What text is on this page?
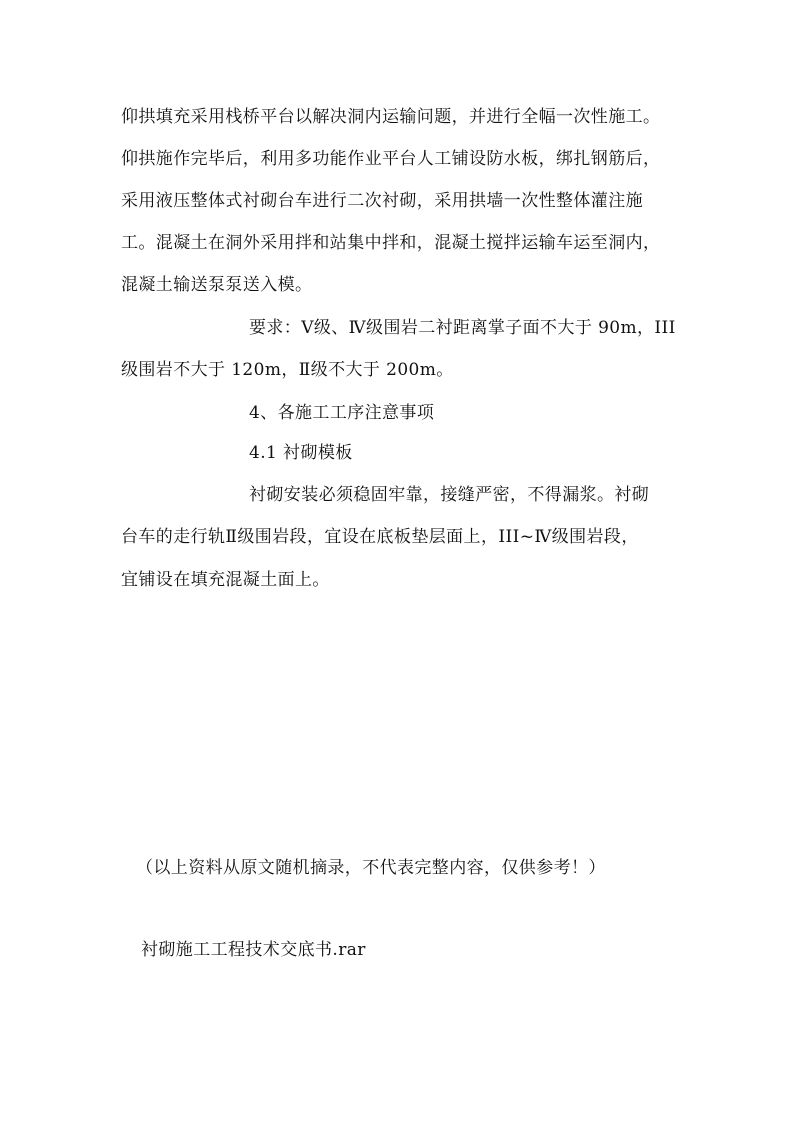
仰拱填充采用栈桥平台以解决洞内运输问题，并进行全幅一次性施工。
仰拱施作完毕后，利用多功能作业平台人工铺设防水板，绑扎钢筋后，
采用液压整体式衬砌台车进行二次衬砌，采用拱墙一次性整体灌注施
工。混凝土在洞外采用拌和站集中拌和，混凝土搅拌运输车运至洞内，
混凝土输送泵泵送入模。
要求：Ⅴ级、Ⅳ级围岩二衬距离掌子面不大于 90m，III
级围岩不大于 120m，Ⅱ级不大于 200m。
4、各施工工序注意事项
4.1 衬砌模板
衬砌安装必须稳固牢靠，接缝严密，不得漏浆。衬砌
台车的走行轨Ⅱ级围岩段，宜设在底板垫层面上，III~Ⅳ级围岩段，
宜铺设在填充混凝土面上。
（以上资料从原文随机摘录，不代表完整内容，仅供参考！）
衬砌施工工程技术交底书.rar
